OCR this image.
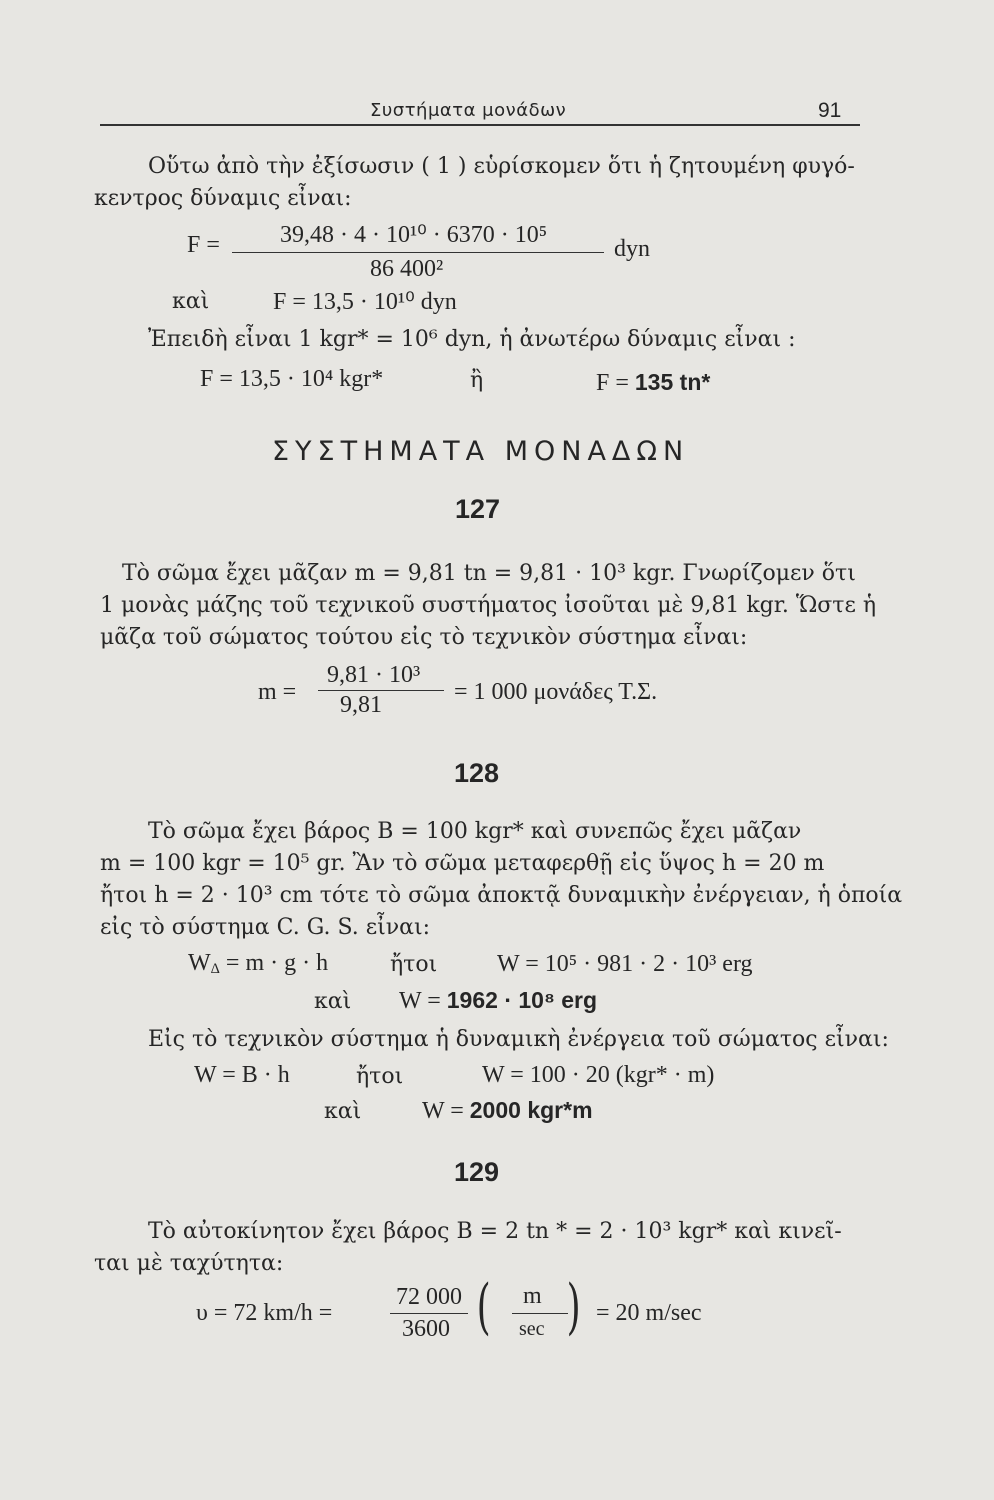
Συστήματα μονάδων	91
Οὕτω ἀπὸ τὴν ἐξίσωσιν ( 1 ) εὑρίσκομεν ὅτι ἡ ζητουμένη φυγό-
κεντρος δύναμις εἶναι:
F =	39,48 · 4 · 10¹⁰ · 6370 · 10⁵
86 400²
dyn
καὶ	F = 13,5 · 10¹⁰ dyn
Ἐπειδὴ εἶναι 1 kgr* = 10⁶ dyn, ἡ ἀνωτέρω δύναμις εἶναι :
F = 13,5 · 10⁴ kgr*	ἢ	F = 135 tn*
ΣΥΣΤΗΜΑΤΑ ΜΟΝΑΔΩΝ
127
Τὸ σῶμα ἔχει μᾶζαν m = 9,81 tn = 9,81 · 10³ kgr. Γνωρίζομεν ὅτι
1 μονὰς μάζης τοῦ τεχνικοῦ συστήματος ἰσοῦται μὲ 9,81 kgr. Ὥστε ἡ
μᾶζα τοῦ σώματος τούτου εἰς τὸ τεχνικὸν σύστημα εἶναι:
m =
9,81 · 10³
9,81	= 1 000 μονάδες Τ.Σ.
128
Τὸ σῶμα ἔχει βάρος B = 100 kgr* καὶ συνεπῶς ἔχει μᾶζαν
m = 100 kgr = 10⁵ gr. Ἂν τὸ σῶμα μεταφερθῇ εἰς ὕψος h = 20 m
ἤτοι h = 2 · 10³ cm τότε τὸ σῶμα ἀποκτᾷ δυναμικὴν ἐνέργειαν, ἡ ὁποία
εἰς τὸ σύστημα C. G. S. εἶναι:
$W_\Delta = m \cdot g \cdot h$	ἤτοι W = 10⁵ · 981 · 2 · 10³ erg
καὶ W = 1962 · 10⁸ erg
Εἰς τὸ τεχνικὸν σύστημα ἡ δυναμικὴ ἐνέργεια τοῦ σώματος εἶναι:
W = B · h	ἤτοι	W = 100 · 20 (kgr* · m)
καὶ	W = 2000 kgr*m
129
Τὸ αὐτοκίνητον ἔχει βάρος B = 2 tn * = 2 · 10³ kgr* καὶ κινεῖ-
ται μὲ ταχύτητα:
υ = 72 km/h =
72 000
3600 ( m
sec ) = 20 m/sec
